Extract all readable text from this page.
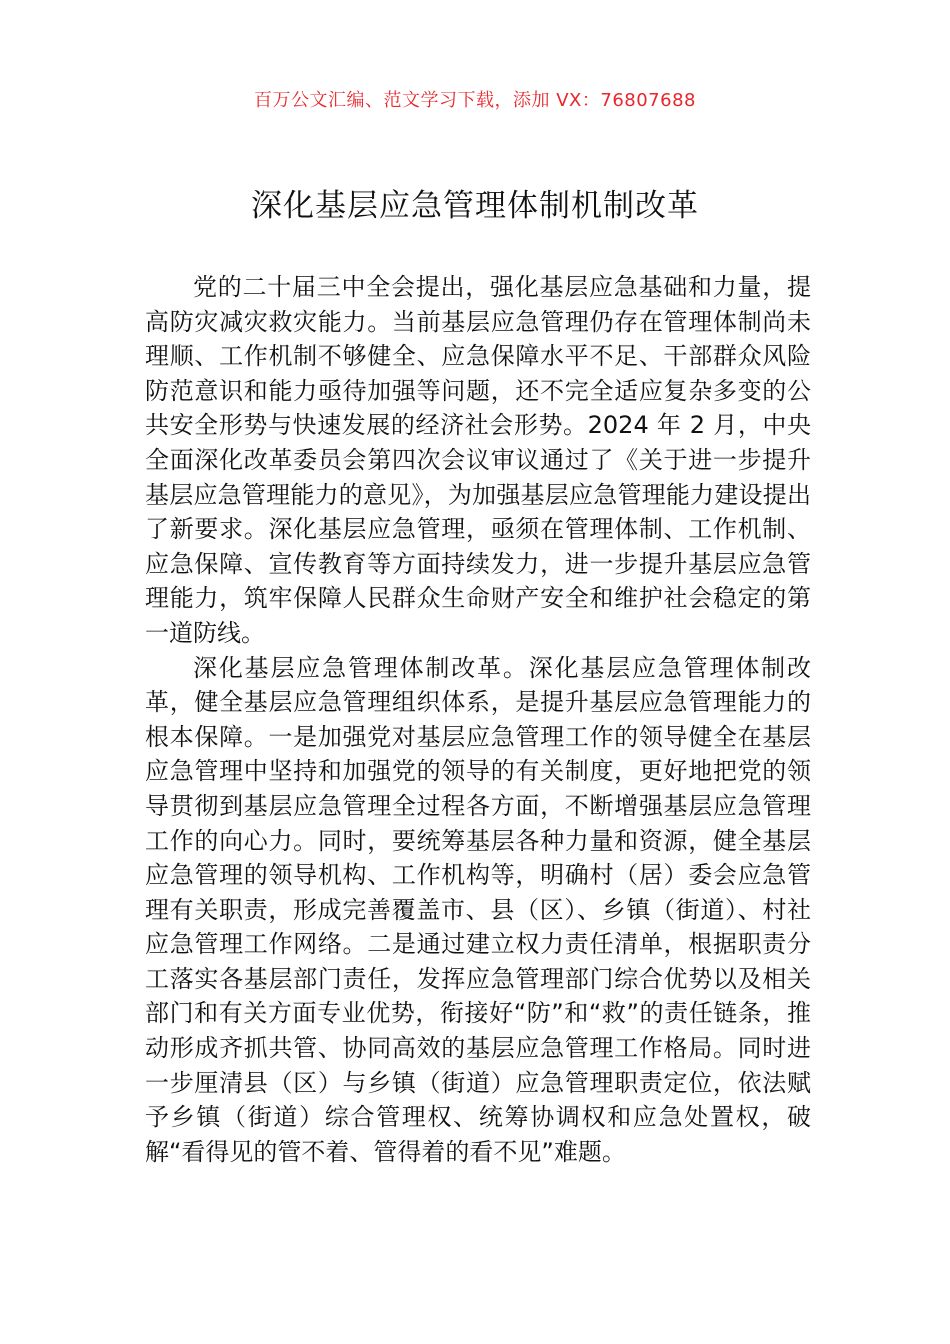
百万公文汇编、范文学习下载，添加 VX：76807688
深化基层应急管理体制机制改革

党的二十届三中全会提出，强化基层应急基础和力量，提高防灾减灾救灾能力。当前基层应急管理仍存在管理体制尚未理顺、工作机制不够健全、应急保障水平不足、干部群众风险防范意识和能力亟待加强等问题，还不完全适应复杂多变的公共安全形势与快速发展的经济社会形势。2024 年 2 月，中央全面深化改革委员会第四次会议审议通过了《关于进一步提升基层应急管理能力的意见》，为加强基层应急管理能力建设提出了新要求。深化基层应急管理，亟须在管理体制、工作机制、应急保障、宣传教育等方面持续发力，进一步提升基层应急管理能力，筑牢保障人民群众生命财产安全和维护社会稳定的第一道防线。

深化基层应急管理体制改革。深化基层应急管理体制改革，健全基层应急管理组织体系，是提升基层应急管理能力的根本保障。一是加强党对基层应急管理工作的领导健全在基层应急管理中坚持和加强党的领导的有关制度，更好地把党的领导贯彻到基层应急管理全过程各方面，不断增强基层应急管理工作的向心力。同时，要统筹基层各种力量和资源，健全基层应急管理的领导机构、工作机构等，明确村（居）委会应急管理有关职责，形成完善覆盖市、县（区）、乡镇（街道）、村社应急管理工作网络。二是通过建立权力责任清单，根据职责分工落实各基层部门责任，发挥应急管理部门综合优势以及相关部门和有关方面专业优势，衔接好“防”和“救”的责任链条，推动形成齐抓共管、协同高效的基层应急管理工作格局。同时进一步厘清县（区）与乡镇（街道）应急管理职责定位，依法赋予乡镇（街道）综合管理权、统筹协调权和应急处置权，破解“看得见的管不着、管得着的看不见”难题。
